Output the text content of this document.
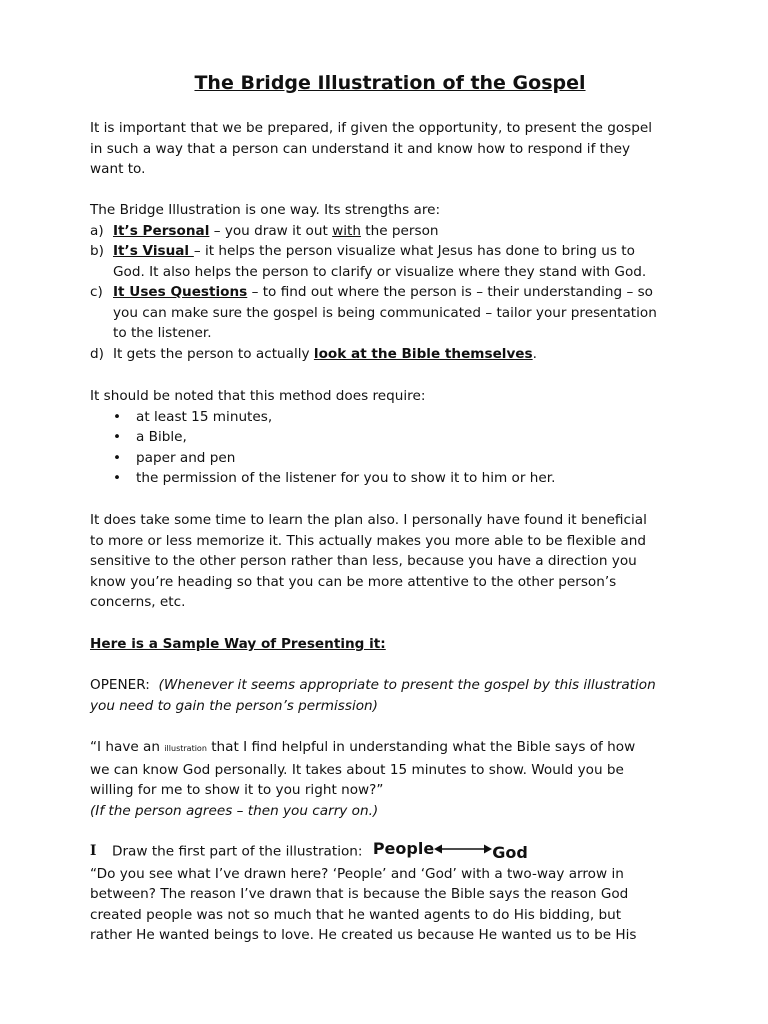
The Bridge Illustration of the Gospel

It is important that we be prepared, if given the opportunity, to present the gospel
in such a way that a person can understand it and know how to respond if they
want to.

The Bridge Illustration is one way. Its strengths are:
a) It’s Personal – you draw it out with the person
b) It’s Visual – it helps the person visualize what Jesus has done to bring us to
God. It also helps the person to clarify or visualize where they stand with God.
c) It Uses Questions – to find out where the person is – their understanding – so
you can make sure the gospel is being communicated – tailor your presentation
to the listener.
d) It gets the person to actually look at the Bible themselves.
It should be noted that this method does require:
• at least 15 minutes,
• a Bible,
• paper and pen
• the permission of the listener for you to show it to him or her.

It does take some time to learn the plan also. I personally have found it beneficial
to more or less memorize it. This actually makes you more able to be flexible and
sensitive to the other person rather than less, because you have a direction you
know you’re heading so that you can be more attentive to the other person’s
concerns, etc.

Here is a Sample Way of Presenting it:

OPENER: (Whenever it seems appropriate to present the gospel by this illustration
you need to gain the person’s permission)

“I have an illustration that I find helpful in understanding what the Bible says of how
we can know God personally. It takes about 15 minutes to show. Would you be
willing for me to show it to you right now?”
(If the person agrees – then you carry on.)

I Draw the first part of the illustration: People	God
“Do you see what I’ve drawn here? ‘People’ and ‘God’ with a two-way arrow in
between? The reason I’ve drawn that is because the Bible says the reason God
created people was not so much that he wanted agents to do His bidding, but
rather He wanted beings to love. He created us because He wanted us to be His
